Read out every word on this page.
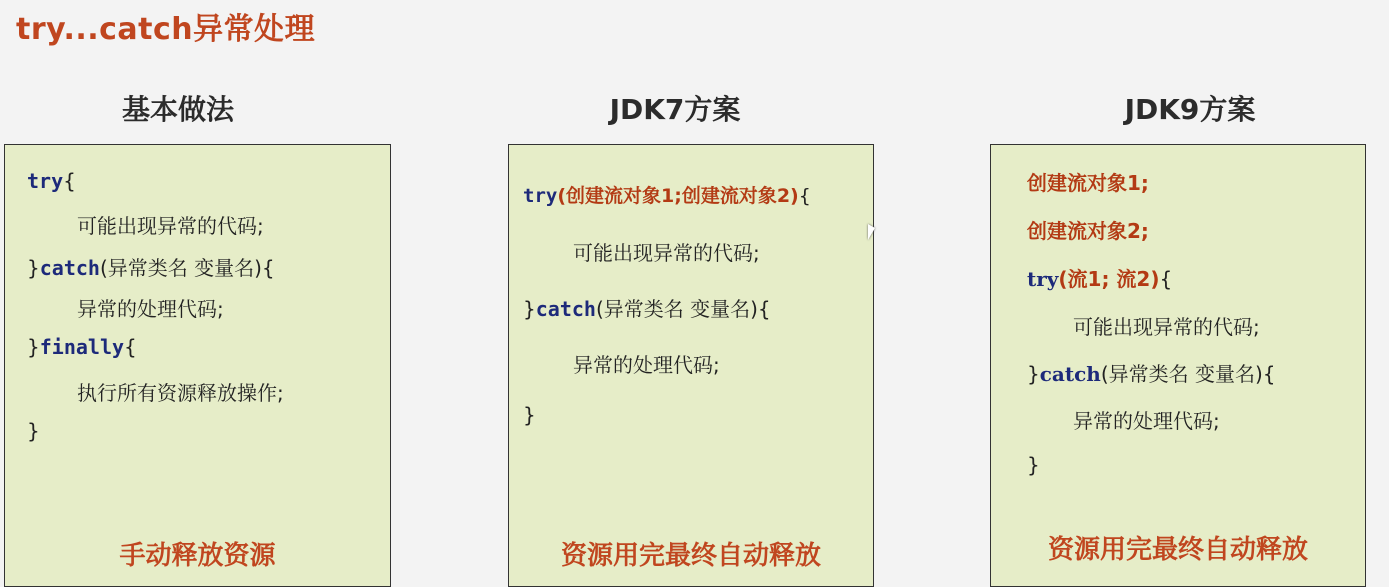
try...catch异常处理
基本做法
try{
可能出现异常的代码;
}catch(异常类名 变量名){
异常的处理代码;
}finally{
执行所有资源释放操作;
}
手动释放资源
JDK7方案
try(创建流对象1;创建流对象2){
可能出现异常的代码;
}catch(异常类名 变量名){
异常的处理代码;
}
资源用完最终自动释放
JDK9方案
创建流对象1;
创建流对象2;
try(流1; 流2){
可能出现异常的代码;
}catch(异常类名 变量名){
异常的处理代码;
}
资源用完最终自动释放
